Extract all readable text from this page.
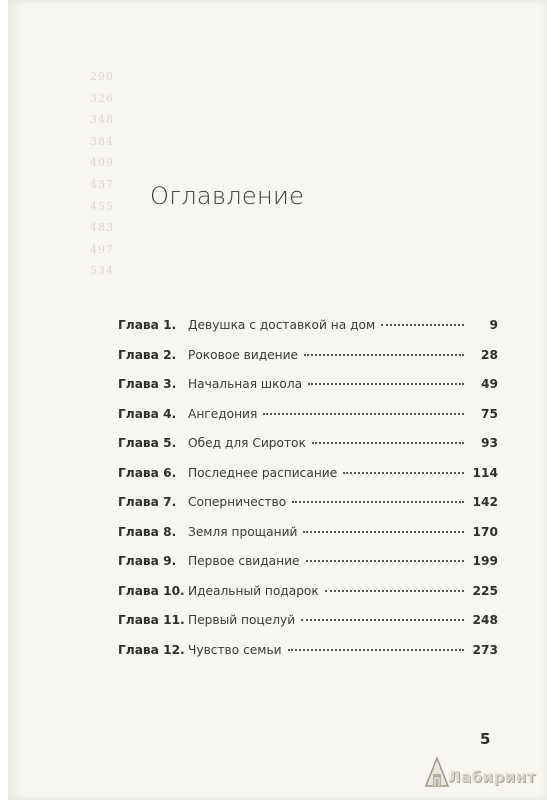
290
326
348
384
409
437
455
483
497
534
Оглавление
Глава 1. Девушка с доставкой на дом	9
Глава 2. Роковое видение	28
Глава 3. Начальная школа	49
Глава 4. Ангедония	75
Глава 5. Обед для Сироток	93
Глава 6. Последнее расписание	114
Глава 7. Соперничество	142
Глава 8. Земля прощаний	170
Глава 9. Первое свидание	199
Глава 10. Идеальный подарок	225
Глава 11. Первый поцелуй	248
Глава 12. Чувство семьи	273
5
Лабиринт
